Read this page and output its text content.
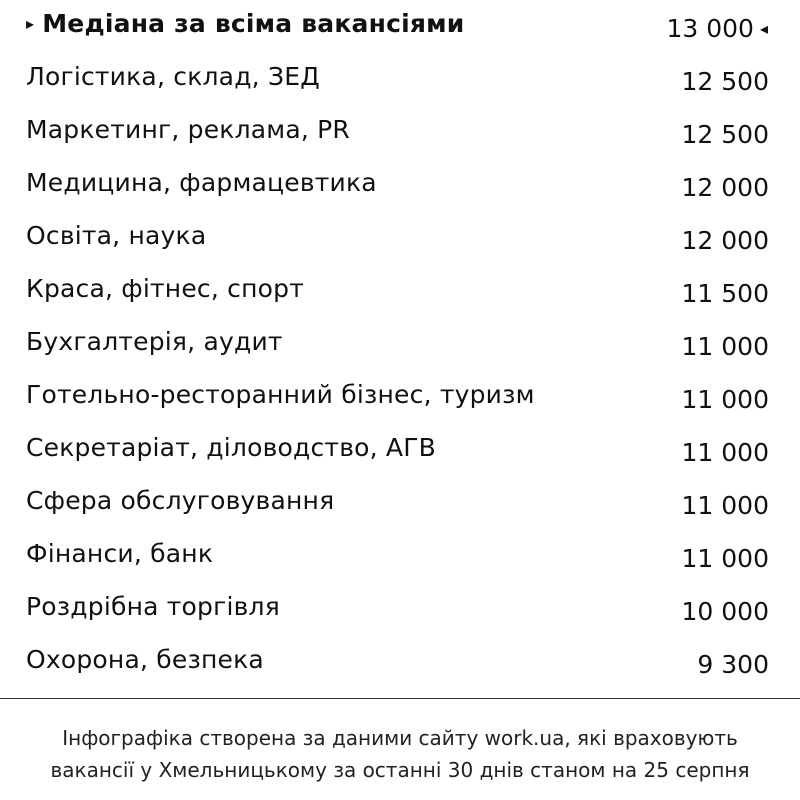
▸ Медіана за всіма вакансіями	13 000 ◂
Логістика, склад, ЗЕД	12 500
Маркетинг, реклама, PR	12 500
Медицина, фармацевтика	12 000
Освіта, наука	12 000
Краса, фітнес, спорт	11 500
Бухгалтерія, аудит	11 000
Готельно-ресторанний бізнес, туризм	11 000
Секретаріат, діловодство, АГВ	11 000
Сфера обслуговування	11 000
Фінанси, банк	11 000
Роздрібна торгівля	10 000
Охорона, безпека	9 300

Інфографіка створена за даними сайту work.ua, які враховують

вакансії у Хмельницькому за останні 30 днів станом на 25 серпня
